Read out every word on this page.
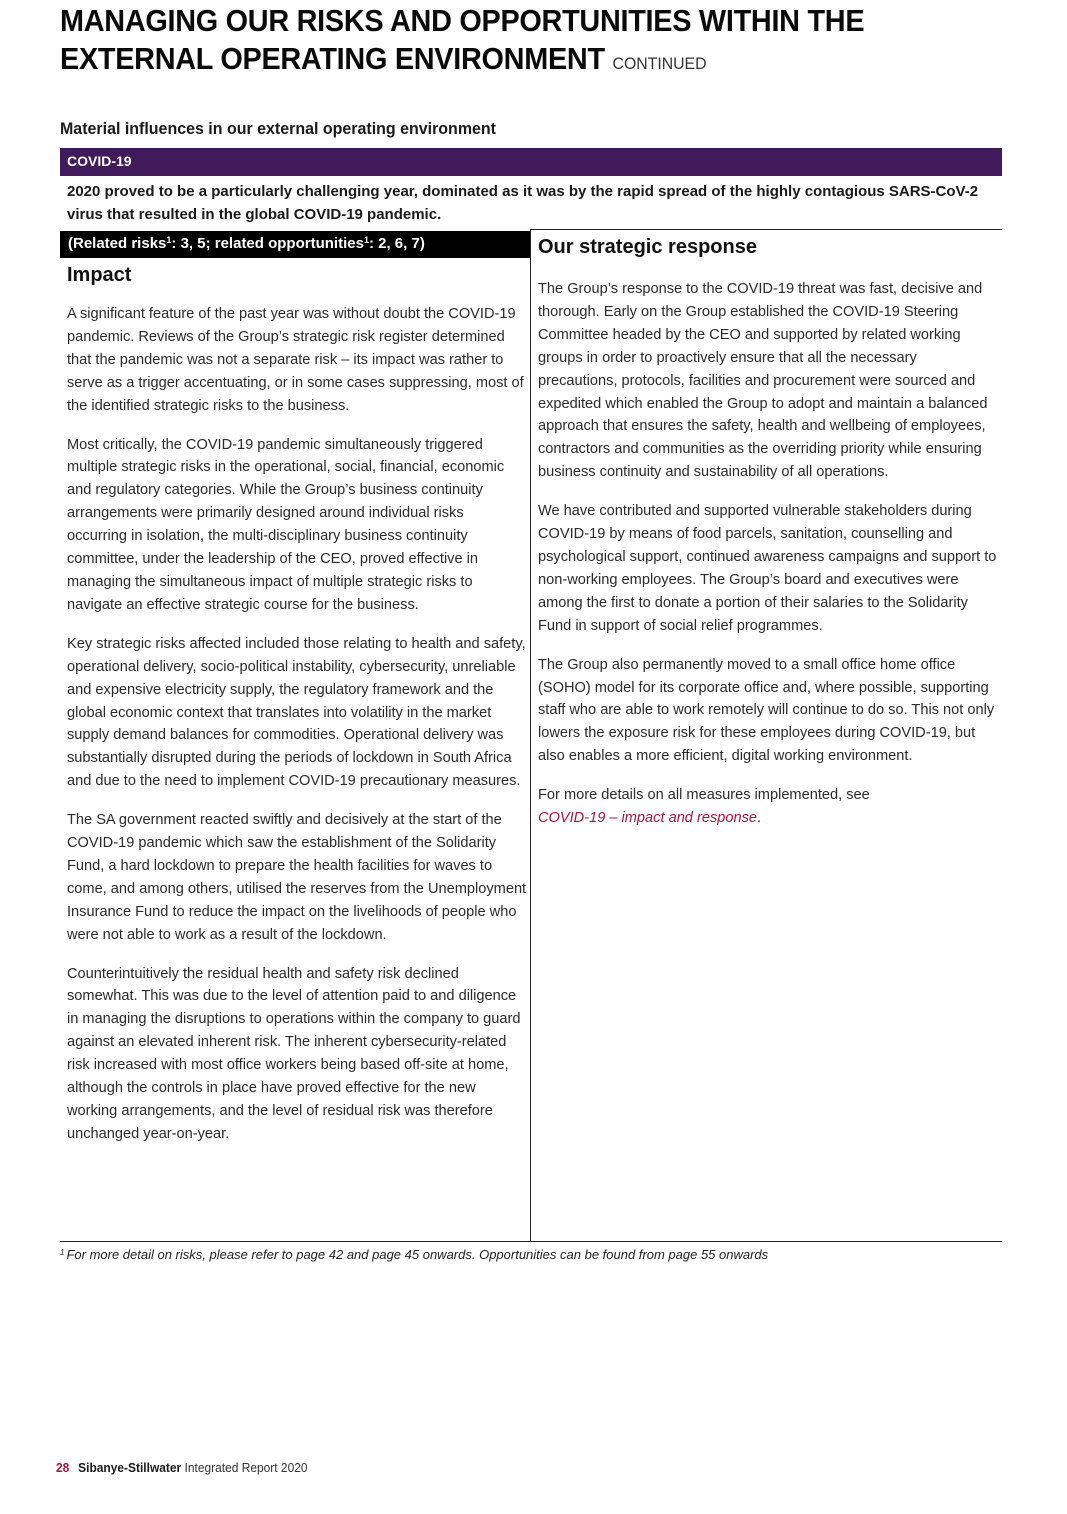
MANAGING OUR RISKS AND OPPORTUNITIES WITHIN THE
EXTERNAL OPERATING ENVIRONMENT CONTINUED
Material influences in our external operating environment
COVID-19

2020 proved to be a particularly challenging year, dominated as it was by the rapid spread of the highly contagious SARS-CoV-2 virus that resulted in the global COVID-19 pandemic.

(Related risks$^1$: 3, 5; related opportunities$^1$: 2, 6, 7)
Impact

A significant feature of the past year was without doubt the COVID-19 pandemic. Reviews of the Group’s strategic risk register determined that the pandemic was not a separate risk – its impact was rather to serve as a trigger accentuating, or in some cases suppressing, most of the identified strategic risks to the business.

Most critically, the COVID-19 pandemic simultaneously triggered multiple strategic risks in the operational, social, financial, economic and regulatory categories. While the Group’s business continuity arrangements were primarily designed around individual risks occurring in isolation, the multi-disciplinary business continuity committee, under the leadership of the CEO, proved effective in managing the simultaneous impact of multiple strategic risks to navigate an effective strategic course for the business.

Key strategic risks affected included those relating to health and safety, operational delivery, socio-political instability, cybersecurity, unreliable and expensive electricity supply, the regulatory framework and the global economic context that translates into volatility in the market supply demand balances for commodities. Operational delivery was substantially disrupted during the periods of lockdown in South Africa and due to the need to implement COVID-19 precautionary measures.

The SA government reacted swiftly and decisively at the start of the COVID-19 pandemic which saw the establishment of the Solidarity Fund, a hard lockdown to prepare the health facilities for waves to come, and among others, utilised the reserves from the Unemployment Insurance Fund to reduce the impact on the livelihoods of people who were not able to work as a result of the lockdown.

Counterintuitively the residual health and safety risk declined somewhat. This was due to the level of attention paid to and diligence in managing the disruptions to operations within the company to guard against an elevated inherent risk. The inherent cybersecurity-related risk increased with most office workers being based off-site at home, although the controls in place have proved effective for the new working arrangements, and the level of residual risk was therefore unchanged year-on-year.

Our strategic response

The Group’s response to the COVID-19 threat was fast, decisive and thorough. Early on the Group established the COVID-19 Steering Committee headed by the CEO and supported by related working groups in order to proactively ensure that all the necessary precautions, protocols, facilities and procurement were sourced and expedited which enabled the Group to adopt and maintain a balanced approach that ensures the safety, health and wellbeing of employees, contractors and communities as the overriding priority while ensuring business continuity and sustainability of all operations.

We have contributed and supported vulnerable stakeholders during COVID-19 by means of food parcels, sanitation, counselling and psychological support, continued awareness campaigns and support to non-working employees. The Group’s board and executives were among the first to donate a portion of their salaries to the Solidarity Fund in support of social relief programmes.

The Group also permanently moved to a small office home office (SOHO) model for its corporate office and, where possible, supporting staff who are able to work remotely will continue to do so. This not only lowers the exposure risk for these employees during COVID-19, but also enables a more efficient, digital working environment.

For more details on all measures implemented, see
COVID-19 – impact and response.

$^1$ For more detail on risks, please refer to page 42 and page 45 onwards. Opportunities can be found from page 55 onwards
28 Sibanye-Stillwater Integrated Report 2020
